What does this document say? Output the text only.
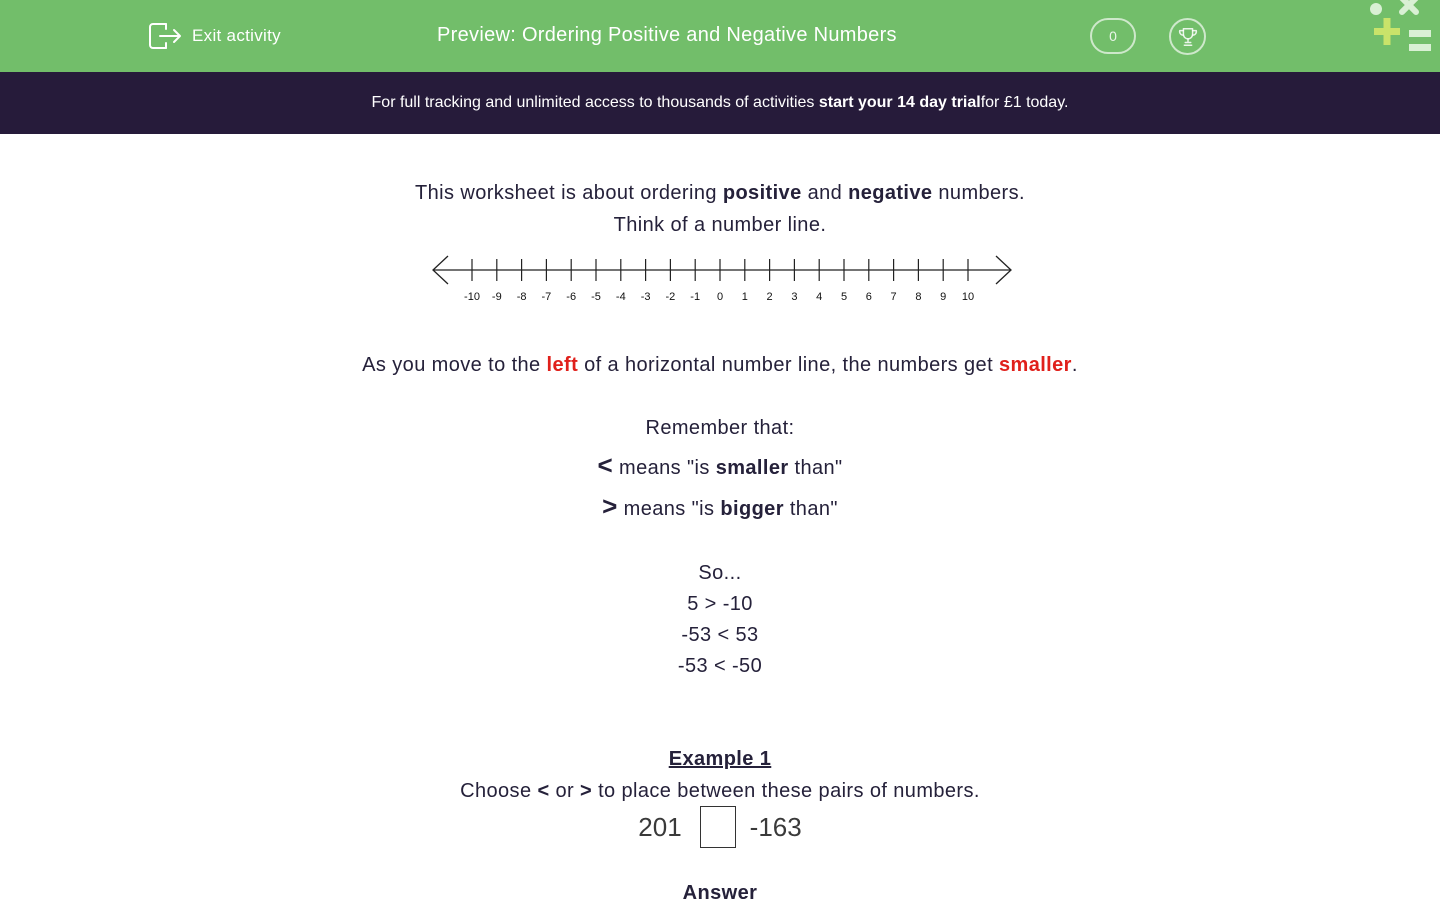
Exit activity	Preview: Ordering Positive and Negative Numbers	0
For full tracking and unlimited access to thousands of activities
start your 14 day trial for £1 today.
This worksheet is about ordering positive and negative numbers.
Think of a number line.
-10 -9 -8 -7 -6 -5 -4 -3 -2 -1 0 1 2 3 4 5 6 7 8 9 10
As you move to the left of a horizontal number line, the numbers get smaller.
Remember that:
< means "is smaller than"
> means "is bigger than"
So...
5 > -10
-53 < 53
-53 < -50
Example 1
Choose < or > to place between these pairs of numbers.
201	-163
Answer
